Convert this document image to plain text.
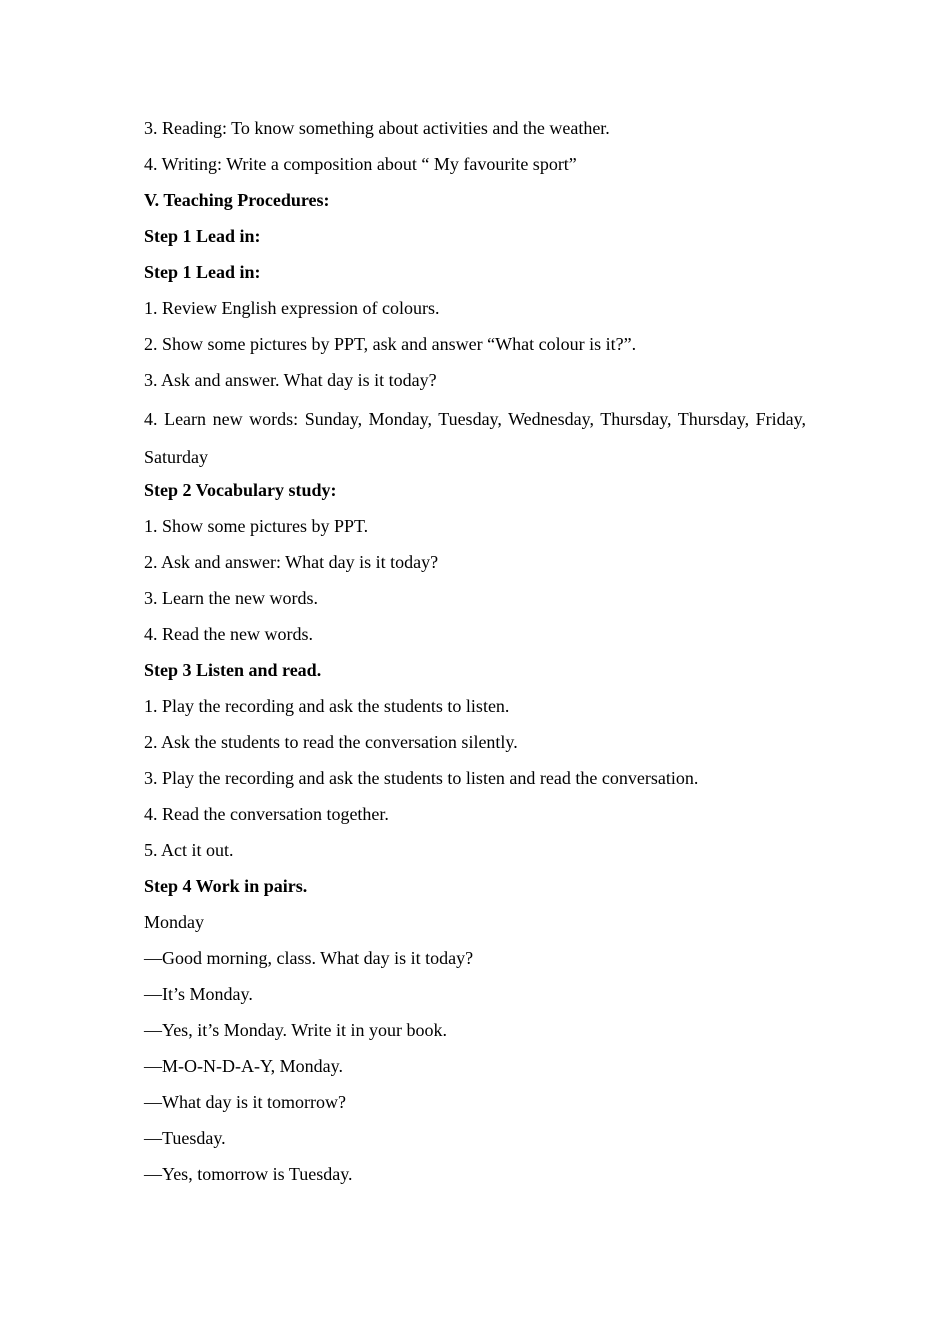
3. Reading: To know something about activities and the weather.
4. Writing: Write a composition about “ My favourite sport”
V. Teaching Procedures:
Step 1 Lead in:
Step 1 Lead in:
1. Review English expression of colours.
2. Show some pictures by PPT, ask and answer “What colour is it?”.
3. Ask and answer. What day is it today?
4. Learn new words: Sunday, Monday, Tuesday, Wednesday, Thursday, Thursday, Friday, Saturday
Step 2 Vocabulary study:
1. Show some pictures by PPT.
2. Ask and answer: What day is it today?
3. Learn the new words.
4. Read the new words.
Step 3 Listen and read.
1. Play the recording and ask the students to listen.
2. Ask the students to read the conversation silently.
3. Play the recording and ask the students to listen and read the conversation.
4. Read the conversation together.
5. Act it out.
Step 4 Work in pairs.
Monday
—Good morning, class. What day is it today?
—It’s Monday.
—Yes, it’s Monday. Write it in your book.
—M-O-N-D-A-Y, Monday.
—What day is it tomorrow?
—Tuesday.
—Yes, tomorrow is Tuesday.
